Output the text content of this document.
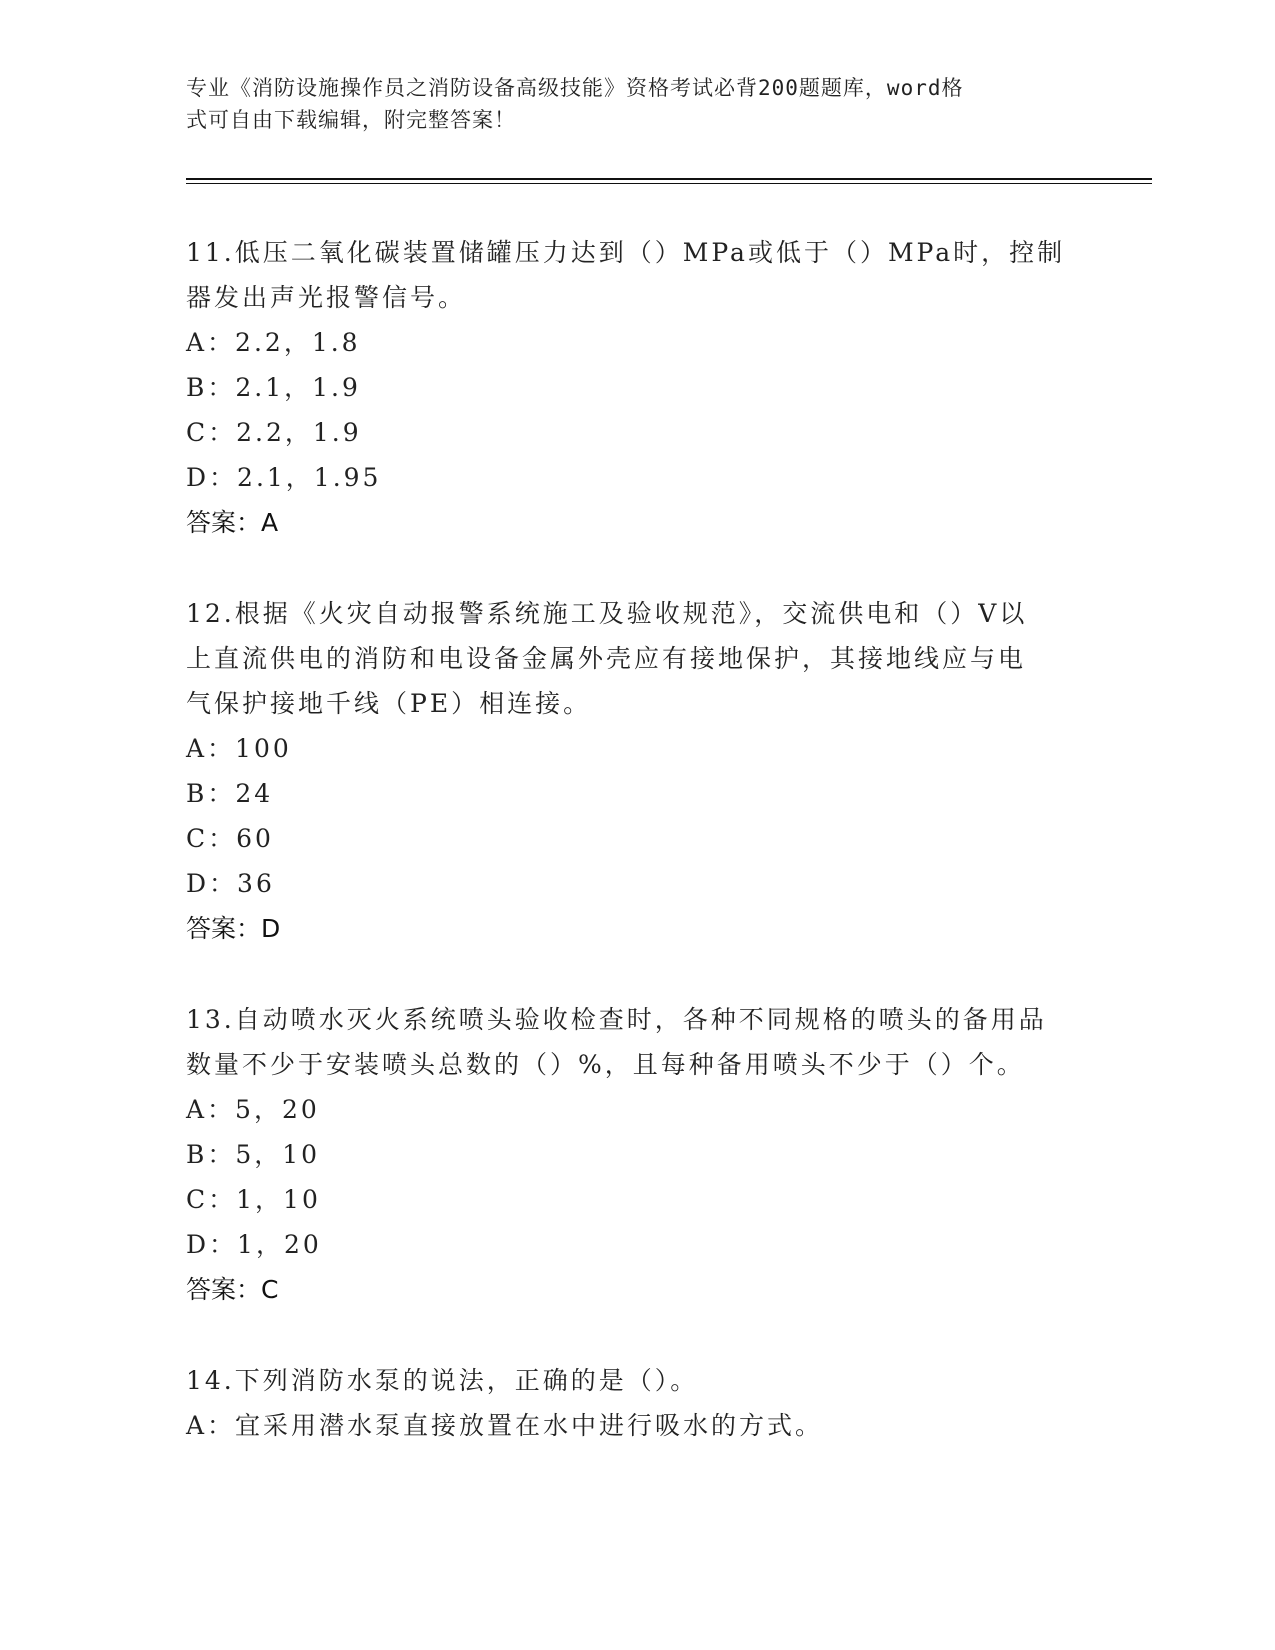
专业《消防设施操作员之消防设备高级技能》资格考试必背200题题库，word格
式可自由下载编辑，附完整答案！

11.低压二氧化碳装置储罐压力达到（）MPa或低于（）MPa时，控制

器发出声光报警信号。

A：2.2，1.8

B：2.1，1.9

C：2.2，1.9

D：2.1，1.95

答案：A

12.根据《火灾自动报警系统施工及验收规范》，交流供电和（）V以

上直流供电的消防和电设备金属外壳应有接地保护，其接地线应与电

气保护接地千线（PE）相连接。

A：100

B：24

C：60

D：36

答案：D

13.自动喷水灭火系统喷头验收检查时，各种不同规格的喷头的备用品

数量不少于安装喷头总数的（）%，且每种备用喷头不少于（）个。

A：5，20

B：5，10

C：1，10

D：1，20

答案：C

14.下列消防水泵的说法，正确的是（）。

A：宜采用潜水泵直接放置在水中进行吸水的方式。
